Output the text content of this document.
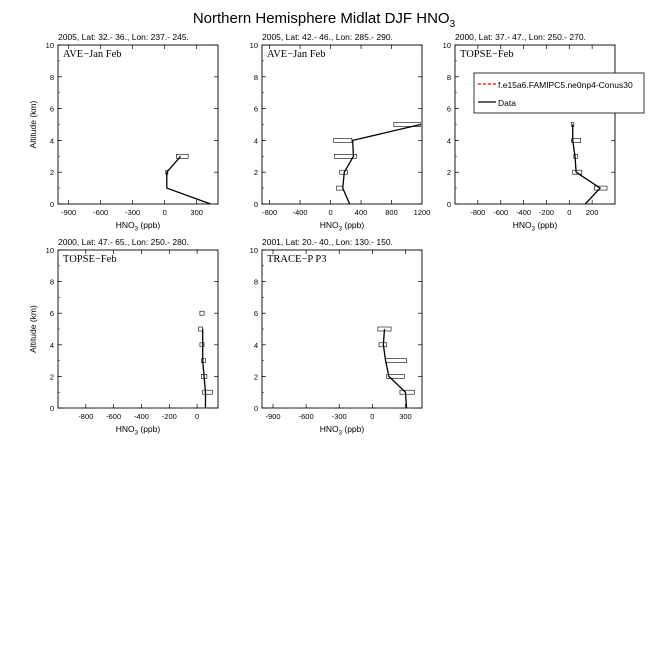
Northern Hemisphere Midlat DJF $HNO_3$
2005, Lat: 32.- 36., Lon: 237.- 245.
AVE−Jan Feb
0
2
4
6
8
10
-900 -600 -300	0	300
$HNO_3$ (ppb)
Altitude (km)
2005, Lat: 42.- 46., Lon: 285.- 290.
AVE−Jan Feb
0
2
4
6
8
10
-800 -400	0	400 800 1200
$HNO_3$ (ppb)
2000, Lat: 37.- 47., Lon: 250.- 270.
TOPSE−Feb
0
2
4
6
8
10
-800 -600 -400 -200 0 200
$HNO_3$ (ppb)
2000, Lat: 47.- 65., Lon: 250.- 280.
TOPSE−Feb
0
2
4
6
8
10
-800 -600 -400 -200 0
$HNO_3$ (ppb)
Altitude (km)
2001, Lat: 20.- 40., Lon: 130.- 150.
TRACE−P P3
0
2
4
6
8
10
-900 -600 -300	0	300
$HNO_3$ (ppb)
f.e15a6.FAMIPC5.ne0np4-Conus30
Data
